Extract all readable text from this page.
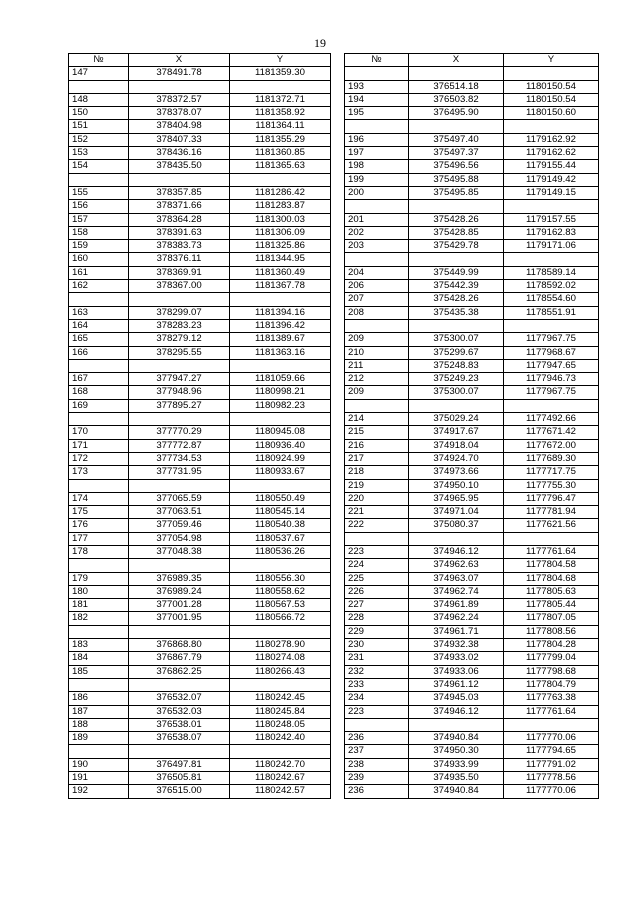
19
№	X	Y
147	378491.78	1181359.30

148	378372.57	1181372.71
150	378378.07	1181358.92
151	378404.98	1181364.11
152	378407.33	1181355.29
153	378436.16	1181360.85
154	378435.50	1181365.63

155	378357.85	1181286.42
156	378371.66	1181283.87
157	378364.28	1181300.03
158	378391.63	1181306.09
159	378383.73	1181325.86
160	378376.11	1181344.95
161	378369.91	1181360.49
162	378367.00	1181367.78

163	378299.07	1181394.16
164	378283.23	1181396.42
165	378279.12	1181389.67
166	378295.55	1181363.16

167	377947.27	1181059.66
168	377948.96	1180998.21
169	377895.27	1180982.23

170	377770.29	1180945.08
171	377772.87	1180936.40
172	377734.53	1180924.99
173	377731.95	1180933.67

174	377065.59	1180550.49
175	377063.51	1180545.14
176	377059.46	1180540.38
177	377054.98	1180537.67
178	377048.38	1180536.26

179	376989.35	1180556.30
180	376989.24	1180558.62
181	377001.28	1180567.53
182	377001.95	1180566.72

183	376868.80	1180278.90
184	376867.79	1180274.08
185	376862.25	1180266.43

186	376532.07	1180242.45
187	376532.03	1180245.84
188	376538.01	1180248.05
189	376538.07	1180242.40

190	376497.81	1180242.70
191	376505.81	1180242.67
192	376515.00	1180242.57
№	X	Y

193	376514.18	1180150.54
194	376503.82	1180150.54
195	376495.90	1180150.60

196	375497.40	1179162.92
197	375497.37	1179162.62
198	375496.56	1179155.44
199	375495.88	1179149.42
200	375495.85	1179149.15

201	375428.26	1179157.55
202	375428.85	1179162.83
203	375429.78	1179171.06

204	375449.99	1178589.14
206	375442.39	1178592.02
207	375428.26	1178554.60
208	375435.38	1178551.91

209	375300.07	1177967.75
210	375299.67	1177968.67
211	375248.83	1177947.65
212	375249.23	1177946.73
209	375300.07	1177967.75

214	375029.24	1177492.66
215	374917.67	1177671.42
216	374918.04	1177672.00
217	374924.70	1177689.30
218	374973.66	1177717.75
219	374950.10	1177755.30
220	374965.95	1177796.47
221	374971.04	1177781.94
222	375080.37	1177621.56

223	374946.12	1177761.64
224	374962.63	1177804.58
225	374963.07	1177804.68
226	374962.74	1177805.63
227	374961.89	1177805.44
228	374962.24	1177807.05
229	374961.71	1177808.56
230	374932.38	1177804.28
231	374933.02	1177799.04
232	374933.06	1177798.68
233	374961.12	1177804.79
234	374945.03	1177763.38
223	374946.12	1177761.64

236	374940.84	1177770.06
237	374950.30	1177794.65
238	374933.99	1177791.02
239	374935.50	1177778.56
236	374940.84	1177770.06
